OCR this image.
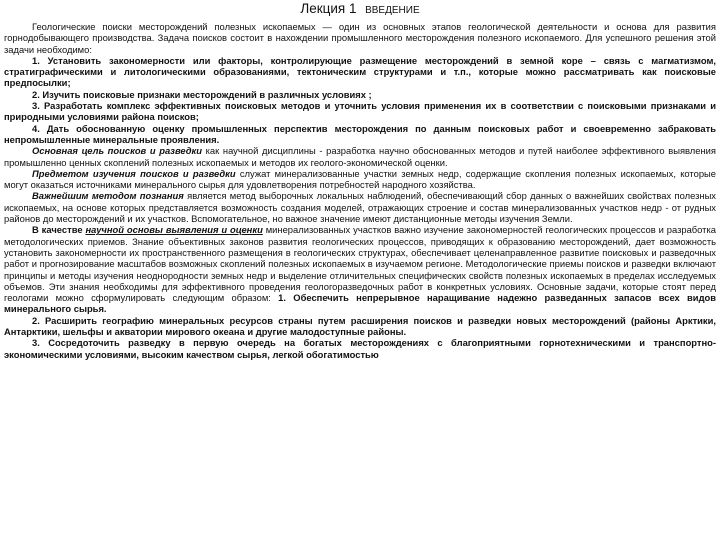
Лекция 1 ВВЕДЕНИЕ

Геологические поиски месторождений полезных ископаемых — один из основных этапов геологической деятельности и основа для развития горнодобывающего производства. Задача поисков состоит в нахождении промышленного месторождения полезного ископаемого. Для успешного решения этой задачи необходимо:

1. Установить закономерности или факторы, контролирующие размещение месторождений в земной коре – связь с магматизмом, стратиграфическими и литологическими образованиями, тектоническим структурами и т.п., которые можно рассматривать как поисковые предпосылки;

2. Изучить поисковые признаки месторождений в различных условиях ;

3. Разработать комплекс эффективных поисковых методов и уточнить условия применения их в соответствии с поисковыми признаками и природными условиями района поисков;

4. Дать обоснованную оценку промышленных перспектив месторождения по данным поисковых работ и своевременно забраковать непромышленные минеральные проявления.

Основная цель поисков и разведки как научной дисциплины - разработка научно обоснованных методов и путей наиболее эффективного выявления промышленно ценных скоплений полезных ископаемых и методов их геолого-экономической оценки.

Предметом изучения поисков и разведки служат минерализованные участки земных недр, содержащие скопления полезных ископаемых, которые могут оказаться источниками минерального сырья для удовлетворения потребностей народного хозяйства.

Важнейшим методом познания является метод выборочных локальных наблюдений, обеспечивающий сбор данных о важнейших свойствах полезных ископаемых, на основе которых представляется возможность создания моделей, отражающих строение и состав минерализованных участков недр - от рудных районов до месторождений и их участков. Вспомогательное, но важное значение имеют дистанционные методы изучения Земли.

В качестве научной основы выявления и оценки минерализованных участков важно изучение закономерностей геологических процессов и разработка методологических приемов. Знание объективных законов развития геологических процессов, приводящих к образованию месторождений, дает возможность установить закономерности их пространственного размещения в геологических структурах, обеспечивает целенаправленное развитие поисковых и разведочных работ и прогнозирование масштабов возможных скоплений полезных ископаемых в изучаемом регионе. Методологические приемы поисков и разведки включают принципы и методы изучения неоднородности земных недр и выделение отличительных специфических свойств полезных ископаемых в пределах исследуемых объемов. Эти знания необходимы для эффективного проведения геологоразведочных работ в конкретных условиях. Основные задачи, которые стоят перед геологами можно сформулировать следующим образом: 1. Обеспечить непрерывное наращивание надежно разведанных запасов всех видов минерального сырья.

2. Расширить географию минеральных ресурсов страны путем расширения поисков и разведки новых месторождений (районы Арктики, Антарктики, шельфы и акватории мирового океана и другие малодоступные районы.

3. Сосредоточить разведку в первую очередь на богатых месторождениях с благоприятными горнотехническими и транспортно-экономическими условиями, высоким качеством сырья, легкой обогатимостью
